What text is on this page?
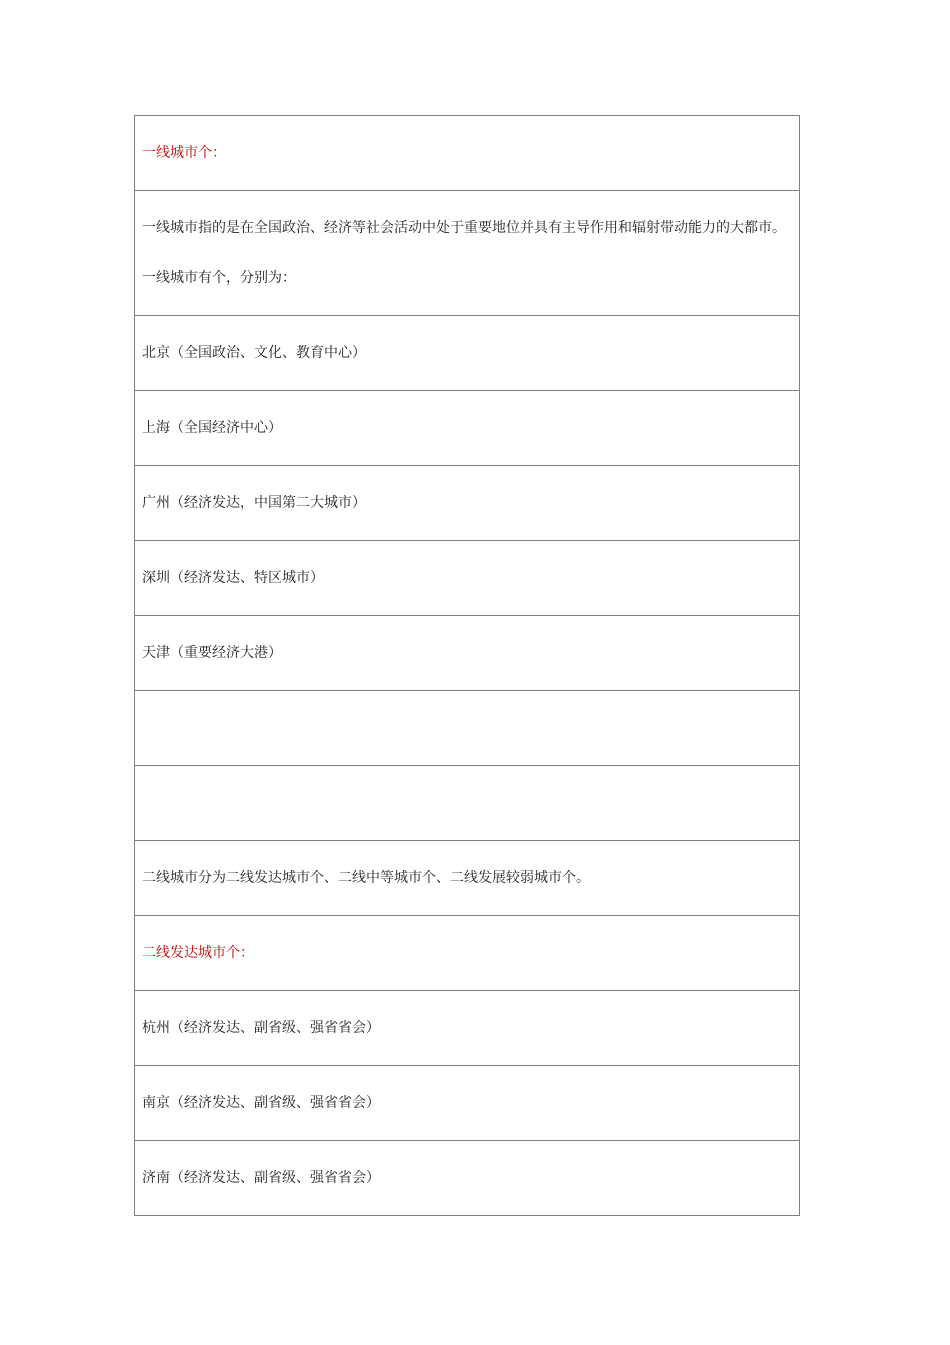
一线城市个：
一线城市指的是在全国政治、经济等社会活动中处于重要地位并具有主导作用和辐射带动能力的大都市。一线城市有个，分别为：
北京（全国政治、文化、教育中心）
上海（全国经济中心）
广州（经济发达，中国第二大城市）
深圳（经济发达、特区城市）
天津（重要经济大港）

二线城市分为二线发达城市个、二线中等城市个、二线发展较弱城市个。
二线发达城市个：
杭州（经济发达、副省级、强省省会）
南京（经济发达、副省级、强省省会）
济南（经济发达、副省级、强省省会）
